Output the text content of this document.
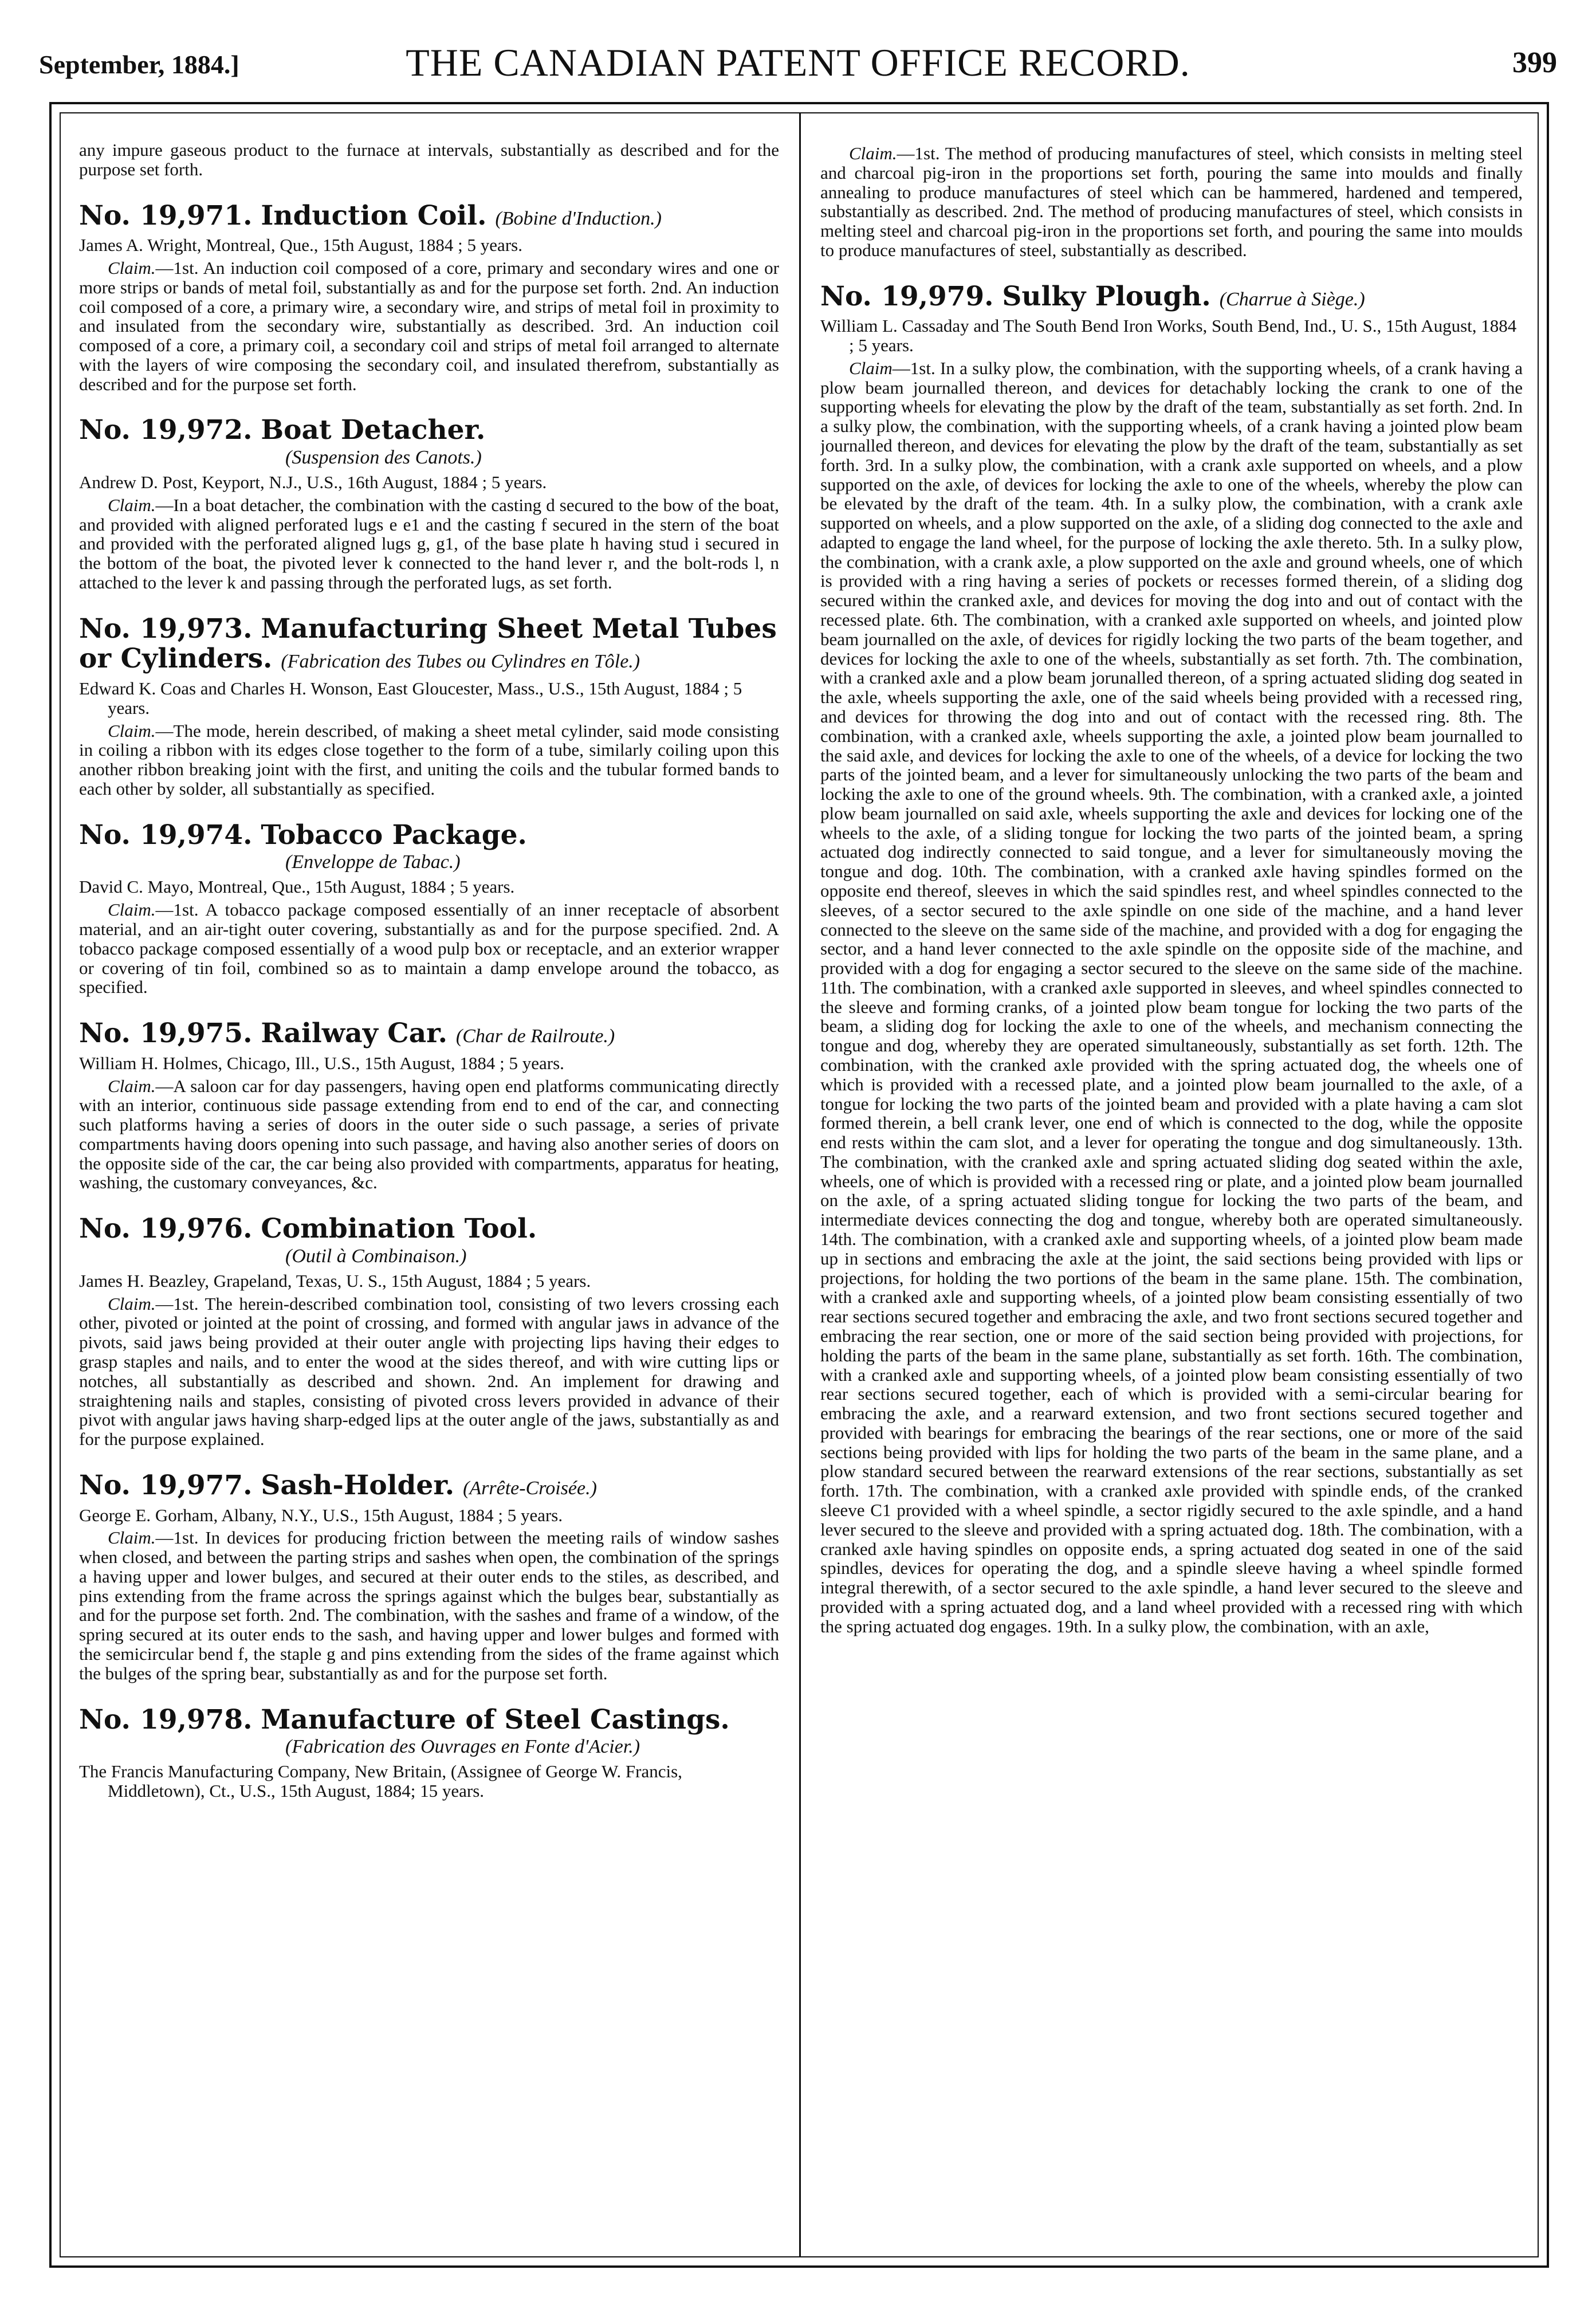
September, 1884.]	THE CANADIAN PATENT OFFICE RECORD.	399

any impure gaseous product to the furnace at intervals, substantially as described and for the purpose set forth.

No. 19,971. Induction Coil. (Bobine d'Induction.)

James A. Wright, Montreal, Que., 15th August, 1884 ; 5 years.

Claim.—1st. An induction coil composed of a core, primary and secondary wires and one or more strips or bands of metal foil, substantially as and for the purpose set forth. 2nd. An induction coil composed of a core, a primary wire, a secondary wire, and strips of metal foil in proximity to and insulated from the secondary wire, substantially as described. 3rd. An induction coil composed of a core, a primary coil, a secondary coil and strips of metal foil arranged to alternate with the layers of wire composing the secondary coil, and insulated therefrom, substantially as described and for the purpose set forth.

No. 19,972. Boat Detacher.

(Suspension des Canots.)

Andrew D. Post, Keyport, N.J., U.S., 16th August, 1884 ; 5 years.

Claim.—In a boat detacher, the combination with the casting d secured to the bow of the boat, and provided with aligned perforated lugs e e1 and the casting f secured in the stern of the boat and provided with the perforated aligned lugs g, g1, of the base plate h having stud i secured in the bottom of the boat, the pivoted lever k connected to the hand lever r, and the bolt-rods l, n attached to the lever k and passing through the perforated lugs, as set forth.

No. 19,973. Manufacturing Sheet Metal Tubes or Cylinders. (Fabrication des Tubes ou Cylindres en Tôle.)

Edward K. Coas and Charles H. Wonson, East Gloucester, Mass., U.S., 15th August, 1884 ; 5 years.

Claim.—The mode, herein described, of making a sheet metal cylinder, said mode consisting in coiling a ribbon with its edges close together to the form of a tube, similarly coiling upon this another ribbon breaking joint with the first, and uniting the coils and the tubular formed bands to each other by solder, all substantially as specified.

No. 19,974. Tobacco Package.

(Enveloppe de Tabac.)

David C. Mayo, Montreal, Que., 15th August, 1884 ; 5 years.

Claim.—1st. A tobacco package composed essentially of an inner receptacle of absorbent material, and an air-tight outer covering, substantially as and for the purpose specified. 2nd. A tobacco package composed essentially of a wood pulp box or receptacle, and an exterior wrapper or covering of tin foil, combined so as to maintain a damp envelope around the tobacco, as specified.

No. 19,975. Railway Car. (Char de Railroute.)

William H. Holmes, Chicago, Ill., U.S., 15th August, 1884 ; 5 years.

Claim.—A saloon car for day passengers, having open end platforms communicating directly with an interior, continuous side passage extending from end to end of the car, and connecting such platforms having a series of doors in the outer side o such passage, a series of private compartments having doors opening into such passage, and having also another series of doors on the opposite side of the car, the car being also provided with compartments, apparatus for heating, washing, the customary conveyances, &c.

No. 19,976. Combination Tool.

(Outil à Combinaison.)

James H. Beazley, Grapeland, Texas, U. S., 15th August, 1884 ; 5 years.

Claim.—1st. The herein-described combination tool, consisting of two levers crossing each other, pivoted or jointed at the point of crossing, and formed with angular jaws in advance of the pivots, said jaws being provided at their outer angle with projecting lips having their edges to grasp staples and nails, and to enter the wood at the sides thereof, and with wire cutting lips or notches, all substantially as described and shown. 2nd. An implement for drawing and straightening nails and staples, consisting of pivoted cross levers provided in advance of their pivot with angular jaws having sharp-edged lips at the outer angle of the jaws, substantially as and for the purpose explained.

No. 19,977. Sash-Holder. (Arrête-Croisée.)

George E. Gorham, Albany, N.Y., U.S., 15th August, 1884 ; 5 years.

Claim.—1st. In devices for producing friction between the meeting rails of window sashes when closed, and between the parting strips and sashes when open, the combination of the springs a having upper and lower bulges, and secured at their outer ends to the stiles, as described, and pins extending from the frame across the springs against which the bulges bear, substantially as and for the purpose set forth. 2nd. The combination, with the sashes and frame of a window, of the spring secured at its outer ends to the sash, and having upper and lower bulges and formed with the semicircular bend f, the staple g and pins extending from the sides of the frame against which the bulges of the spring bear, substantially as and for the purpose set forth.

No. 19,978. Manufacture of Steel Castings.

(Fabrication des Ouvrages en Fonte d'Acier.)

The Francis Manufacturing Company, New Britain, (Assignee of George W. Francis, Middletown), Ct., U.S., 15th August, 1884; 15 years.

Claim.—1st. The method of producing manufactures of steel, which consists in melting steel and charcoal pig-iron in the proportions set forth, pouring the same into moulds and finally annealing to produce manufactures of steel which can be hammered, hardened and tempered, substantially as described. 2nd. The method of producing manufactures of steel, which consists in melting steel and charcoal pig-iron in the proportions set forth, and pouring the same into moulds to produce manufactures of steel, substantially as described.

No. 19,979. Sulky Plough. (Charrue à Siège.)

William L. Cassaday and The South Bend Iron Works, South Bend, Ind., U. S., 15th August, 1884 ; 5 years.

Claim—1st. In a sulky plow, the combination, with the supporting wheels, of a crank having a plow beam journalled thereon, and devices for detachably locking the crank to one of the supporting wheels for elevating the plow by the draft of the team, substantially as set forth. 2nd. In a sulky plow, the combination, with the supporting wheels, of a crank having a jointed plow beam journalled thereon, and devices for elevating the plow by the draft of the team, substantially as set forth. 3rd. In a sulky plow, the combination, with a crank axle supported on wheels, and a plow supported on the axle, of devices for locking the axle to one of the wheels, whereby the plow can be elevated by the draft of the team. 4th. In a sulky plow, the combination, with a crank axle supported on wheels, and a plow supported on the axle, of a sliding dog connected to the axle and adapted to engage the land wheel, for the purpose of locking the axle thereto. 5th. In a sulky plow, the combination, with a crank axle, a plow supported on the axle and ground wheels, one of which is provided with a ring having a series of pockets or recesses formed therein, of a sliding dog secured within the cranked axle, and devices for moving the dog into and out of contact with the recessed plate. 6th. The combination, with a cranked axle supported on wheels, and jointed plow beam journalled on the axle, of devices for rigidly locking the two parts of the beam together, and devices for locking the axle to one of the wheels, substantially as set forth. 7th. The combination, with a cranked axle and a plow beam jorunalled thereon, of a spring actuated sliding dog seated in the axle, wheels supporting the axle, one of the said wheels being provided with a recessed ring, and devices for throwing the dog into and out of contact with the recessed ring. 8th. The combination, with a cranked axle, wheels supporting the axle, a jointed plow beam journalled to the said axle, and devices for locking the axle to one of the wheels, of a device for locking the two parts of the jointed beam, and a lever for simultaneously unlocking the two parts of the beam and locking the axle to one of the ground wheels. 9th. The combination, with a cranked axle, a jointed plow beam journalled on said axle, wheels supporting the axle and devices for locking one of the wheels to the axle, of a sliding tongue for locking the two parts of the jointed beam, a spring actuated dog indirectly connected to said tongue, and a lever for simultaneously moving the tongue and dog. 10th. The combination, with a cranked axle having spindles formed on the opposite end thereof, sleeves in which the said spindles rest, and wheel spindles connected to the sleeves, of a sector secured to the axle spindle on one side of the machine, and a hand lever connected to the sleeve on the same side of the machine, and provided with a dog for engaging the sector, and a hand lever connected to the axle spindle on the opposite side of the machine, and provided with a dog for engaging a sector secured to the sleeve on the same side of the machine. 11th. The combination, with a cranked axle supported in sleeves, and wheel spindles connected to the sleeve and forming cranks, of a jointed plow beam tongue for locking the two parts of the beam, a sliding dog for locking the axle to one of the wheels, and mechanism connecting the tongue and dog, whereby they are operated simultaneously, substantially as set forth. 12th. The combination, with the cranked axle provided with the spring actuated dog, the wheels one of which is provided with a recessed plate, and a jointed plow beam journalled to the axle, of a tongue for locking the two parts of the jointed beam and provided with a plate having a cam slot formed therein, a bell crank lever, one end of which is connected to the dog, while the opposite end rests within the cam slot, and a lever for operating the tongue and dog simultaneously. 13th. The combination, with the cranked axle and spring actuated sliding dog seated within the axle, wheels, one of which is provided with a recessed ring or plate, and a jointed plow beam journalled on the axle, of a spring actuated sliding tongue for locking the two parts of the beam, and intermediate devices connecting the dog and tongue, whereby both are operated simultaneously. 14th. The combination, with a cranked axle and supporting wheels, of a jointed plow beam made up in sections and embracing the axle at the joint, the said sections being provided with lips or projections, for holding the two portions of the beam in the same plane. 15th. The combination, with a cranked axle and supporting wheels, of a jointed plow beam consisting essentially of two rear sections secured together and embracing the axle, and two front sections secured together and embracing the rear section, one or more of the said section being provided with projections, for holding the parts of the beam in the same plane, substantially as set forth. 16th. The combination, with a cranked axle and supporting wheels, of a jointed plow beam consisting essentially of two rear sections secured together, each of which is provided with a semi-circular bearing for embracing the axle, and a rearward extension, and two front sections secured together and provided with bearings for embracing the bearings of the rear sections, one or more of the said sections being provided with lips for holding the two parts of the beam in the same plane, and a plow standard secured between the rearward extensions of the rear sections, substantially as set forth. 17th. The combination, with a cranked axle provided with spindle ends, of the cranked sleeve C1 provided with a wheel spindle, a sector rigidly secured to the axle spindle, and a hand lever secured to the sleeve and provided with a spring actuated dog. 18th. The combination, with a cranked axle having spindles on opposite ends, a spring actuated dog seated in one of the said spindles, devices for operating the dog, and a spindle sleeve having a wheel spindle formed integral therewith, of a sector secured to the axle spindle, a hand lever secured to the sleeve and provided with a spring actuated dog, and a land wheel provided with a recessed ring with which the spring actuated dog engages. 19th. In a sulky plow, the combination, with an axle,
